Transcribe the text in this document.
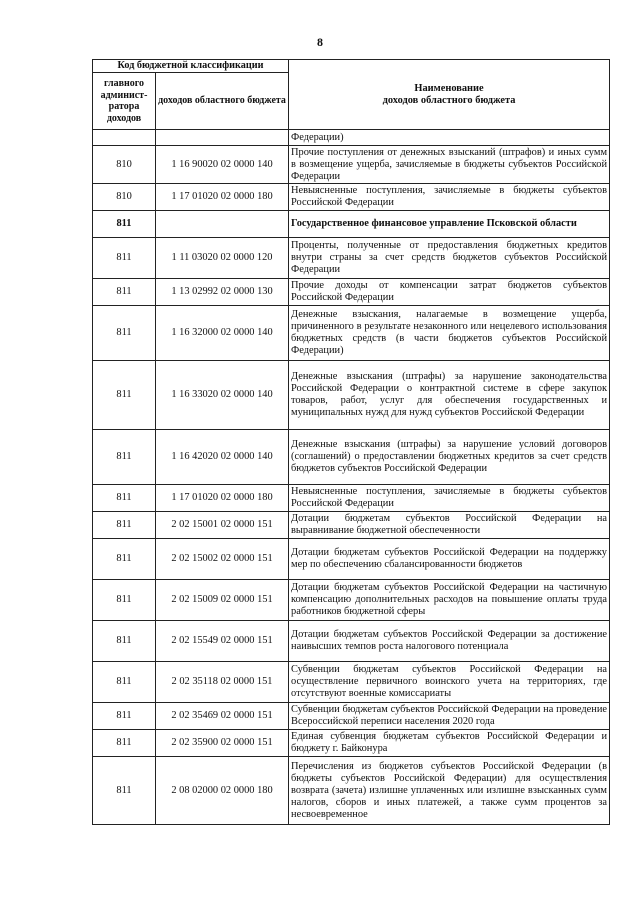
8
Код бюджетной классификации		Наименование
доходов областного бюджета
главного админист-ратора доходов	доходов областного бюджета	
		Федерации)
810	1 16 90020 02 0000 140	Прочие поступления от денежных взысканий (штрафов) и иных сумм в возмещение ущерба, зачисляемые в бюджеты субъектов Российской Федерации
810	1 17 01020 02 0000 180	Невыясненные поступления, зачисляемые в бюджеты субъектов Российской Федерации
811		Государственное финансовое управление Псковской области
811	1 11 03020 02 0000 120	Проценты, полученные от предоставления бюджетных кредитов внутри страны за счет средств бюджетов субъектов Российской Федерации
811	1 13 02992 02 0000 130	Прочие доходы от компенсации затрат бюджетов субъектов Российской Федерации
811	1 16 32000 02 0000 140	Денежные взыскания, налагаемые в возмещение ущерба, причиненного в результате незаконного или нецелевого использования бюджетных средств (в части бюджетов субъектов Российской Федерации)
811	1 16 33020 02 0000 140	Денежные взыскания (штрафы) за нарушение законодательства Российской Федерации о контрактной системе в сфере закупок товаров, работ, услуг для обеспечения государственных и муниципальных нужд для нужд субъектов Российской Федерации
811	1 16 42020 02 0000 140	Денежные взыскания (штрафы) за нарушение условий договоров (соглашений) о предоставлении бюджетных кредитов за счет средств бюджетов субъектов Российской Федерации
811	1 17 01020 02 0000 180	Невыясненные поступления, зачисляемые в бюджеты субъектов Российской Федерации
811	2 02 15001 02 0000 151	Дотации бюджетам субъектов Российской Федерации на выравнивание бюджетной обеспеченности
811	2 02 15002 02 0000 151	Дотации бюджетам субъектов Российской Федерации на поддержку мер по обеспечению сбалансированности бюджетов
811	2 02 15009 02 0000 151	Дотации бюджетам субъектов Российской Федерации на частичную компенсацию дополнительных расходов на повышение оплаты труда работников бюджетной сферы
811	2 02 15549 02 0000 151	Дотации бюджетам субъектов Российской Федерации за достижение наивысших темпов роста налогового потенциала
811	2 02 35118 02 0000 151	Субвенции бюджетам субъектов Российской Федерации на осуществление первичного воинского учета на территориях, где отсутствуют военные комиссариаты
811	2 02 35469 02 0000 151	Субвенции бюджетам субъектов Российской Федерации на проведение Всероссийской переписи населения 2020 года
811	2 02 35900 02 0000 151	Единая субвенция бюджетам субъектов Российской Федерации и бюджету г. Байконура
811	2 08 02000 02 0000 180	Перечисления из бюджетов субъектов Российской Федерации (в бюджеты субъектов Российской Федерации) для осуществления возврата (зачета) излишне уплаченных или излишне взысканных сумм налогов, сборов и иных платежей, а также сумм процентов за несвоевременное
